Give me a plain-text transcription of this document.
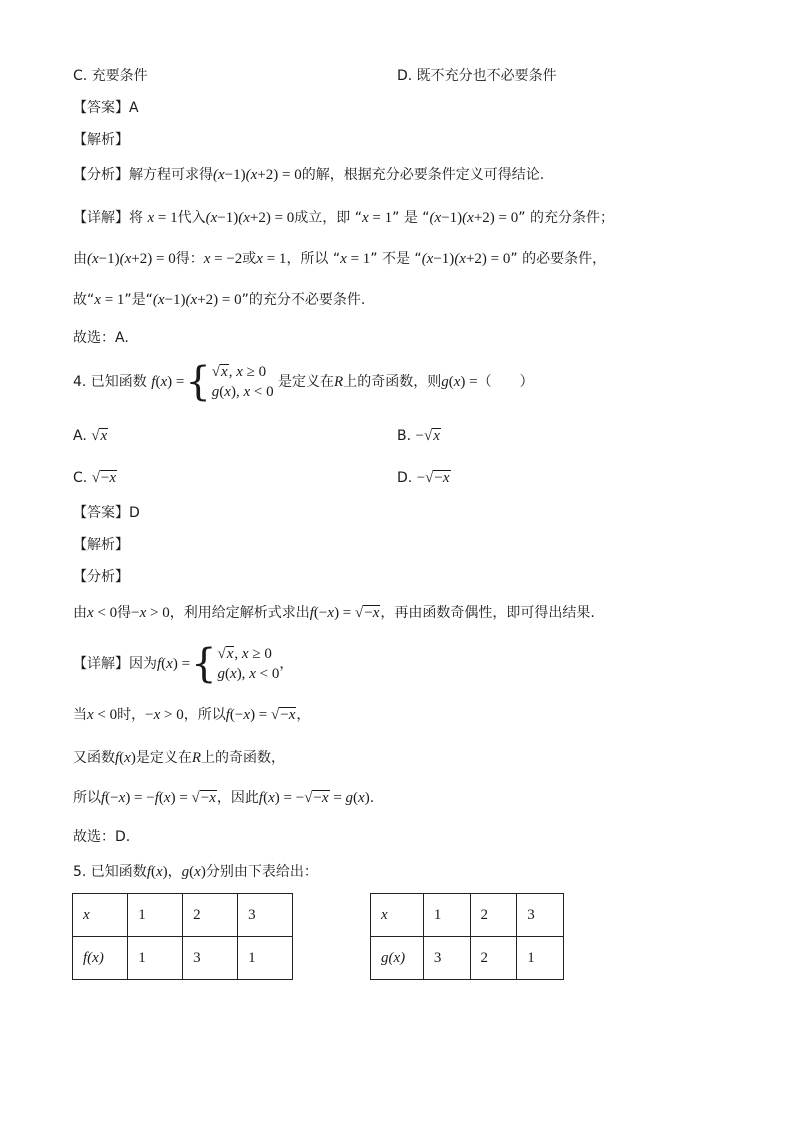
C. 充要条件	D. 既不充分也不必要条件
【答案】A
【解析】
【分析】解方程可求得(x−1)(x+2) = 0的解，根据充分必要条件定义可得结论.
【详解】将 x = 1代入(x−1)(x+2) = 0成立，即 “x = 1” 是 “(x−1)(x+2) = 0” 的充分条件；
由(x−1)(x+2) = 0得：x = −2或x = 1，所以 “x = 1” 不是 “(x−1)(x+2) = 0” 的必要条件，
故“x = 1”是“(x−1)(x+2) = 0”的充分不必要条件.
故选：A.
4. 已知函数 f(x) = { √x, x ≥ 0
g(x), x < 0
是定义在R上的奇函数，则g(x) =（　　）
A. √x	B. −√x
C. √−x	D. −√−x
【答案】D
【解析】
【分析】
由x < 0得−x > 0，利用给定解析式求出f(−x) = √−x，再由函数奇偶性，即可得出结果.
【详解】因为f(x) = { √x, x ≥ 0
g(x), x < 0
，
当x < 0时，−x > 0，所以f(−x) = √−x，
又函数f(x)是定义在R上的奇函数，
所以f(−x) = −f(x) = √−x，因此f(x) = −√−x = g(x).
故选：D.
5. 已知函数f(x)，g(x)分别由下表给出：
x	1	2	3
f(x)	1	3	1
x	1	2	3
g(x)	3	2	1
